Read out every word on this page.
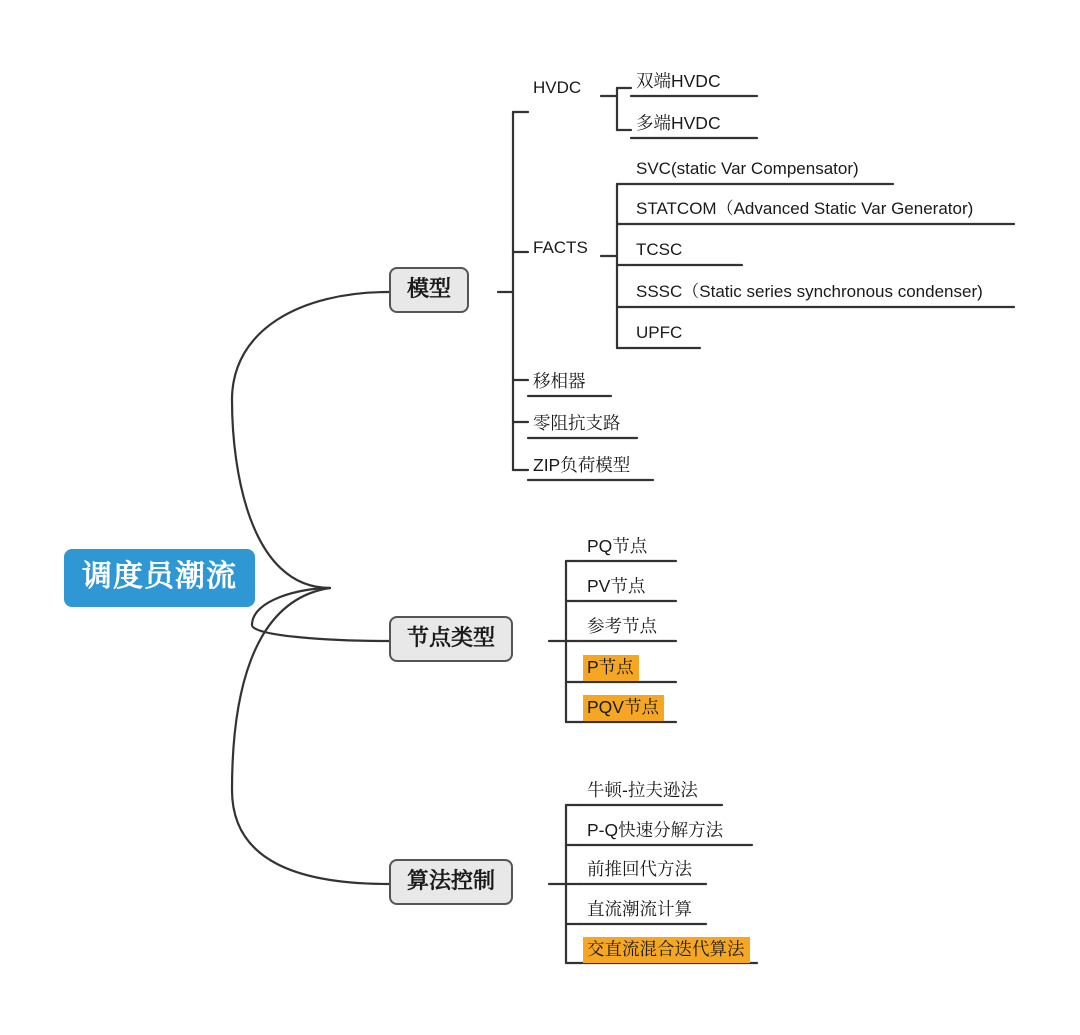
调度员潮流
模型
HVDC	双端HVDC
多端HVDC
FACTS
SVC(static Var Compensator)
STATCOM（Advanced Static Var Generator)
TCSC
SSSC（Static series synchronous condenser)
UPFC
移相器
零阻抗支路
ZIP负荷模型
节点类型
PQ节点
PV节点
参考节点
P节点
PQV节点
算法控制
牛顿-拉夫逊法
P-Q快速分解方法
前推回代方法
直流潮流计算
交直流混合迭代算法
